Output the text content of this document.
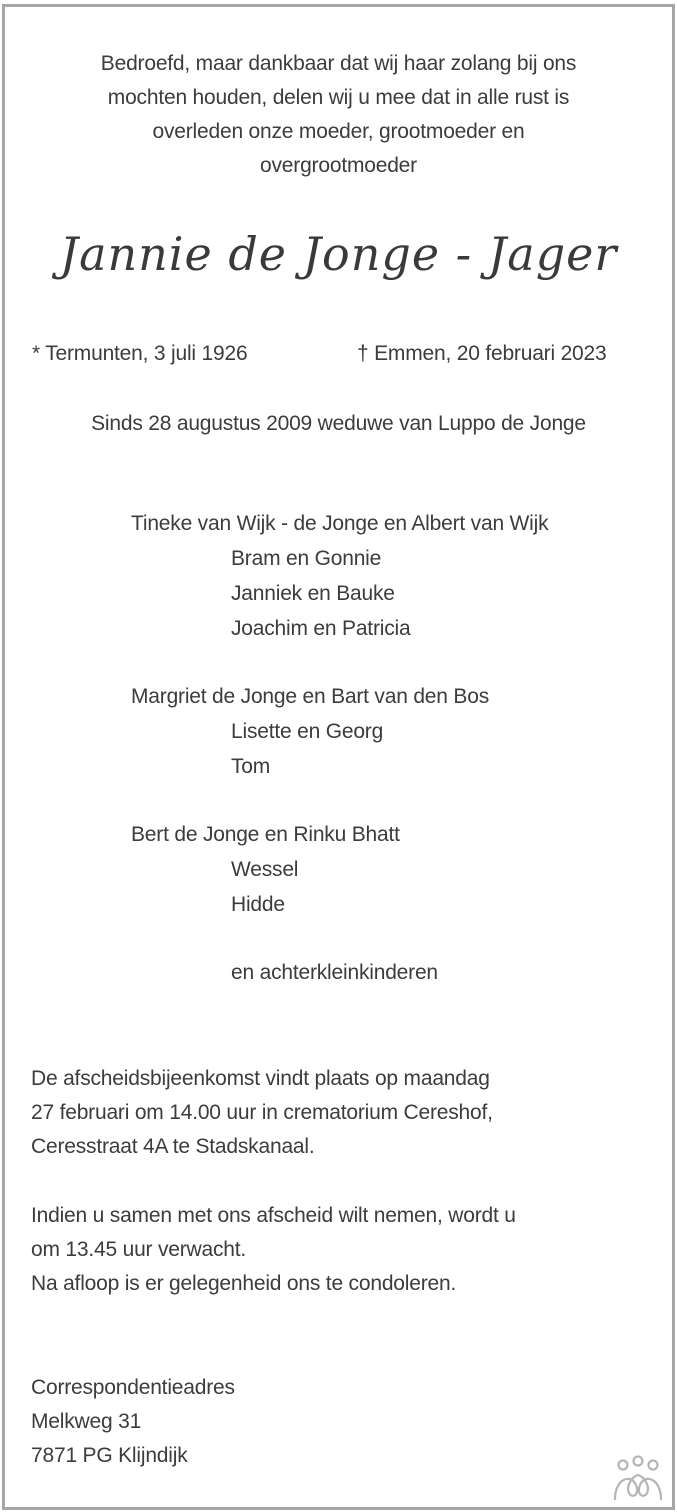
Bedroefd, maar dankbaar dat wij haar zolang bij ons
mochten houden, delen wij u mee dat in alle rust is
overleden onze moeder, grootmoeder en
overgrootmoeder
Jannie de Jonge - Jager
* Termunten, 3 juli 1926	† Emmen, 20 februari 2023
Sinds 28 augustus 2009 weduwe van Luppo de Jonge
Tineke van Wijk - de Jonge en Albert van Wijk
Bram en Gonnie
Janniek en Bauke
Joachim en Patricia
Margriet de Jonge en Bart van den Bos
Lisette en Georg
Tom
Bert de Jonge en Rinku Bhatt
Wessel
Hidde
en achterkleinkinderen
De afscheidsbijeenkomst vindt plaats op maandag
27 februari om 14.00 uur in crematorium Cereshof,
Ceresstraat 4A te Stadskanaal.
Indien u samen met ons afscheid wilt nemen, wordt u
om 13.45 uur verwacht.
Na afloop is er gelegenheid ons te condoleren.
Correspondentieadres
Melkweg 31
7871 PG Klijndijk
